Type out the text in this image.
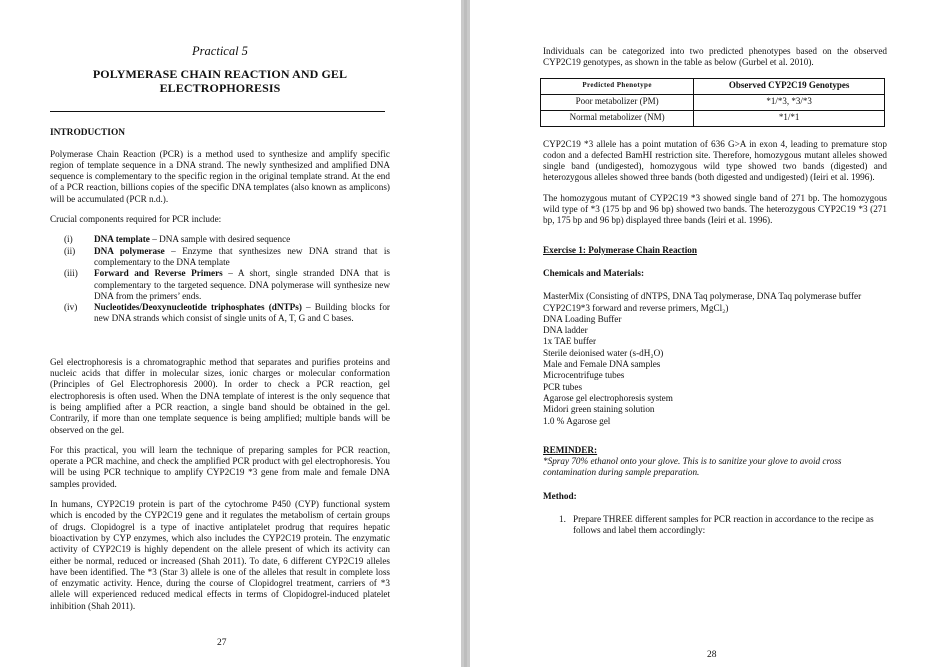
Practical 5
POLYMERASE CHAIN REACTION AND GEL
ELECTROPHORESIS
INTRODUCTION

Polymerase Chain Reaction (PCR) is a method used to synthesize and amplify specific region of template sequence in a DNA strand. The newly synthesized and amplified DNA sequence is complementary to the specific region in the original template strand. At the end of a PCR reaction, billions copies of the specific DNA templates (also known as amplicons) will be accumulated (PCR n.d.).

Crucial components required for PCR include:

(i) DNA template – DNA sample with desired sequence
(ii) DNA polymerase – Enzyme that synthesizes new DNA strand that is complementary to the DNA template
(iii) Forward and Reverse Primers – A short, single stranded DNA that is complementary to the targeted sequence. DNA polymerase will synthesize new DNA from the primers’ ends.
(iv) Nucleotides/Deoxynucleotide triphosphates (dNTPs) – Building blocks for new DNA strands which consist of single units of A, T, G and C bases.

Gel electrophoresis is a chromatographic method that separates and purifies proteins and nucleic acids that differ in molecular sizes, ionic charges or molecular conformation (Principles of Gel Electrophoresis 2000). In order to check a PCR reaction, gel electrophoresis is often used. When the DNA template of interest is the only sequence that is being amplified after a PCR reaction, a single band should be obtained in the gel. Contrarily, if more than one template sequence is being amplified; multiple bands will be observed on the gel.

For this practical, you will learn the technique of preparing samples for PCR reaction, operate a PCR machine, and check the amplified PCR product with gel electrophoresis. You will be using PCR technique to amplify CYP2C19 *3 gene from male and female DNA samples provided.

In humans, CYP2C19 protein is part of the cytochrome P450 (CYP) functional system which is encoded by the CYP2C19 gene and it regulates the metabolism of certain groups of drugs. Clopidogrel is a type of inactive antiplatelet prodrug that requires hepatic bioactivation by CYP enzymes, which also includes the CYP2C19 protein. The enzymatic activity of CYP2C19 is highly dependent on the allele present of which its activity can either be normal, reduced or increased (Shah 2011). To date, 6 different CYP2C19 alleles have been identified. The *3 (Star 3) allele is one of the alleles that result in complete loss of enzymatic activity. Hence, during the course of Clopidogrel treatment, carriers of *3 allele will experienced reduced medical effects in terms of Clopidogrel-induced platelet inhibition (Shah 2011).

27

Individuals can be categorized into two predicted phenotypes based on the observed CYP2C19 genotypes, as shown in the table as below (Gurbel et al. 2010).

Predicted Phenotype	Observed CYP2C19 Genotypes
Poor metabolizer (PM)	*1/*3, *3/*3
Normal metabolizer (NM)	*1/*1

CYP2C19 *3 allele has a point mutation of 636 G>A in exon 4, leading to premature stop codon and a defected BamHI restriction site. Therefore, homozygous mutant alleles showed single band (undigested), homozygous wild type showed two bands (digested) and heterozygous alleles showed three bands (both digested and undigested) (Ieiri et al. 1996).

The homozygous mutant of CYP2C19 *3 showed single band of 271 bp. The homozygous wild type of *3 (175 bp and 96 bp) showed two bands. The heterozygous CYP2C19 *3 (271 bp, 175 bp and 96 bp) displayed three bands (Ieiri et al. 1996).

Exercise 1: Polymerase Chain Reaction
Chemicals and Materials:
MasterMix (Consisting of dNTPS, DNA Taq polymerase, DNA Taq polymerase buffer CYP2C19*3 forward and reverse primers, MgCl₂)
DNA Loading Buffer
DNA ladder
1x TAE buffer
Sterile deionised water (s-dH₂O)
Male and Female DNA samples
Microcentrifuge tubes
PCR tubes
Agarose gel electrophoresis system
Midori green staining solution
1.0 % Agarose gel
REMINDER:
*Spray 70% ethanol onto your glove. This is to sanitize your glove to avoid cross contamination during sample preparation.
Method:
1. Prepare THREE different samples for PCR reaction in accordance to the recipe as follows and label them accordingly:
28
